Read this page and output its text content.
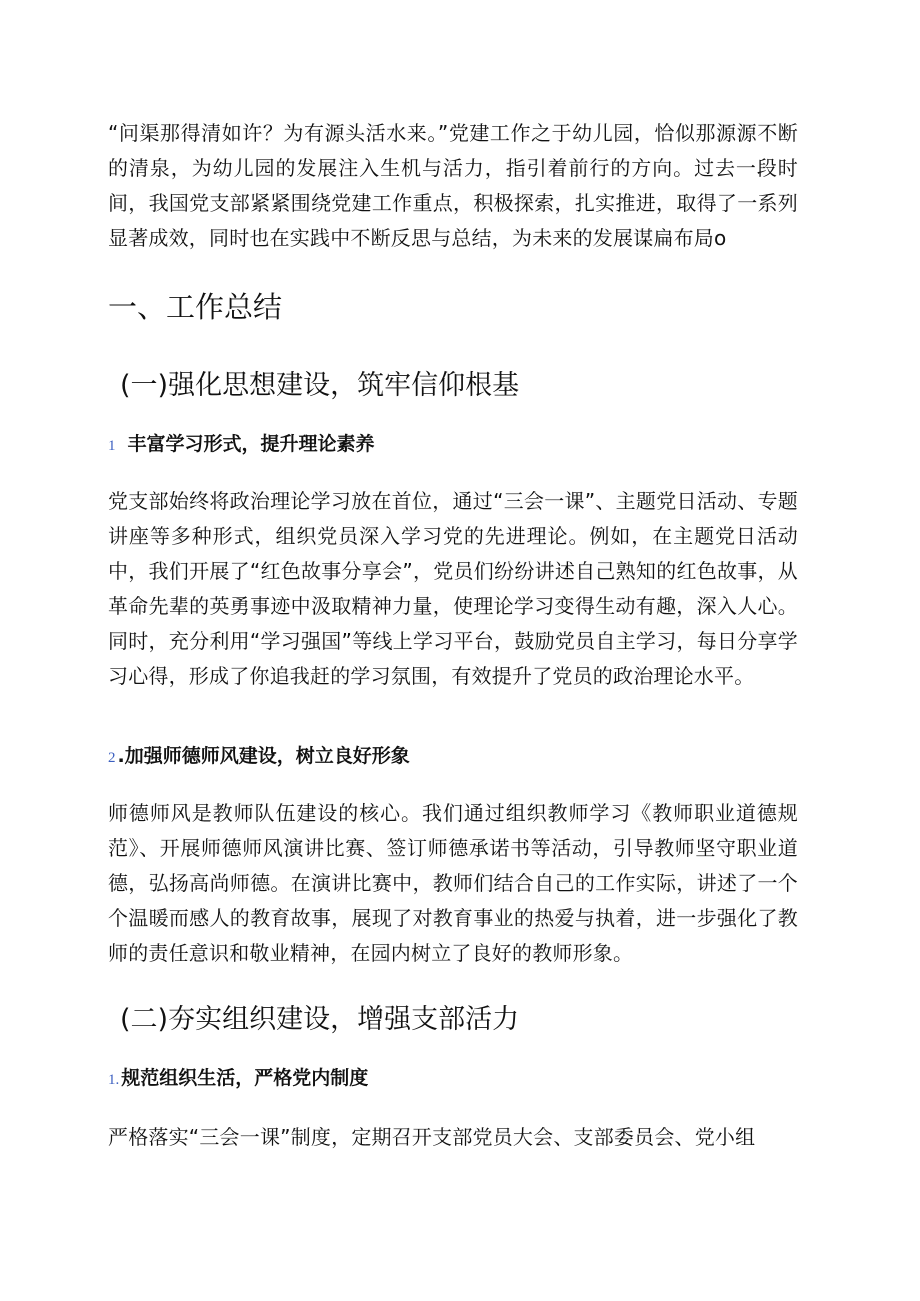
“问渠那得清如许？为有源头活水来。”党建工作之于幼儿园，恰似那源源不断的清泉，为幼儿园的发展注入生机与活力，指引着前行的方向。过去一段时间，我国党支部紧紧围绕党建工作重点，积极探索，扎实推进，取得了一系列显著成效，同时也在实践中不断反思与总结，为未来的发展谋扁布局o

一、工作总结
(一)强化思想建设，筑牢信仰根基
1 丰富学习形式，提升理论素养

党支部始终将政治理论学习放在首位，通过“三会一课”、主题党日活动、专题讲座等多种形式，组织党员深入学习党的先进理论。例如，在主题党日活动中，我们开展了“红色故事分享会”，党员们纷纷讲述自己熟知的红色故事，从革命先辈的英勇事迹中汲取精神力量，使理论学习变得生动有趣，深入人心。同时，充分利用“学习强国”等线上学习平台，鼓励党员自主学习，每日分享学习心得，形成了你追我赶的学习氛围，有效提升了党员的政治理论水平。

2 .加强师德师风建设，树立良好形象

师德师风是教师队伍建设的核心。我们通过组织教师学习《教师职业道德规范》、开展师德师风演讲比赛、签订师德承诺书等活动，引导教师坚守职业道德，弘扬高尚师德。在演讲比赛中，教师们结合自己的工作实际，讲述了一个个温暖而感人的教育故事，展现了对教育事业的热爱与执着，进一步强化了教师的责任意识和敬业精神，在园内树立了良好的教师形象。

(二)夯实组织建设，增强支部活力
1. 规范组织生活，严格党内制度

严格落实“三会一课”制度，定期召开支部党员大会、支部委员会、党小组
